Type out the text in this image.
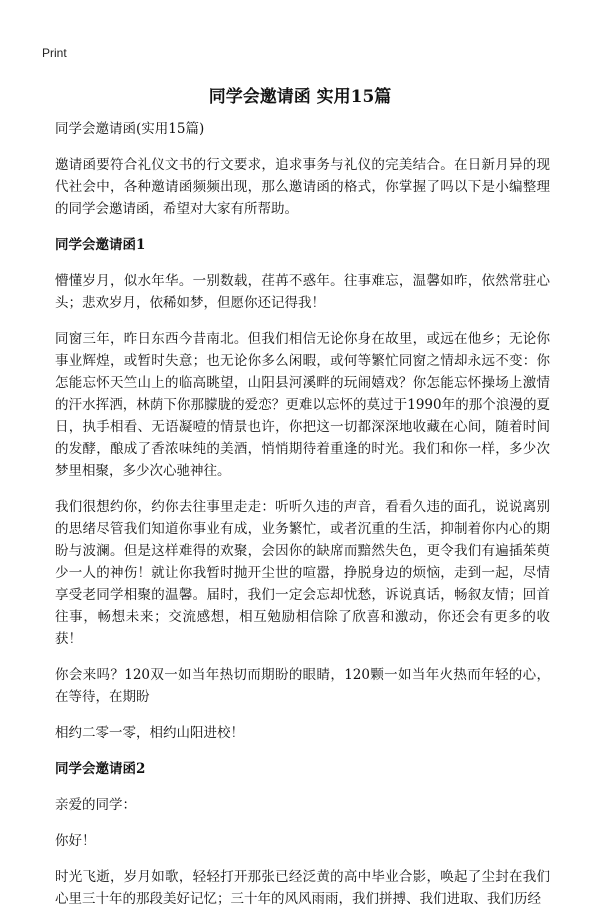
Print
同学会邀请函 实用15篇

同学会邀请函(实用15篇)

邀请函要符合礼仪文书的行文要求，追求事务与礼仪的完美结合。在日新月异的现代社会中，各种邀请函频频出现，那么邀请函的格式，你掌握了吗以下是小编整理的同学会邀请函，希望对大家有所帮助。

同学会邀请函1

懵懂岁月，似水年华。一别数载，荏苒不惑年。往事难忘，温馨如昨，依然常驻心头；悲欢岁月，依稀如梦，但愿你还记得我！

同窗三年，昨日东西今昔南北。但我们相信无论你身在故里，或远在他乡；无论你事业辉煌，或暂时失意；也无论你多么闲暇，或何等繁忙同窗之情却永远不变：你怎能忘怀天竺山上的临高眺望，山阳县河溪畔的玩闹嬉戏？你怎能忘怀操场上激情的汗水挥洒，林荫下你那朦胧的爱恋？更难以忘怀的莫过于1990年的那个浪漫的夏日，执手相看、无语凝噎的情景也许，你把这一切都深深地收藏在心间，随着时间的发酵，酿成了香浓味纯的美酒，悄悄期待着重逢的时光。我们和你一样，多少次梦里相聚，多少次心驰神往。

我们很想约你，约你去往事里走走：听听久违的声音，看看久违的面孔，说说离别的思绪尽管我们知道你事业有成，业务繁忙，或者沉重的生活，抑制着你内心的期盼与波澜。但是这样难得的欢聚，会因你的缺席而黯然失色，更令我们有遍插茱萸少一人的神伤！就让你我暂时抛开尘世的喧嚣，挣脱身边的烦恼，走到一起，尽情享受老同学相聚的温馨。届时，我们一定会忘却忧愁，诉说真话，畅叙友情；回首往事，畅想未来；交流感想，相互勉励相信除了欣喜和激动，你还会有更多的收获！

你会来吗？120双一如当年热切而期盼的眼睛，120颗一如当年火热而年轻的心，在等待，在期盼

相约二零一零，相约山阳进校！

同学会邀请函2

亲爱的同学：

你好！

时光飞逝，岁月如歌，轻轻打开那张已经泛黄的高中毕业合影，唤起了尘封在我们心里三十年的那段美好记忆；三十年的风风雨雨，我们拼搏、我们进取、我们历经
